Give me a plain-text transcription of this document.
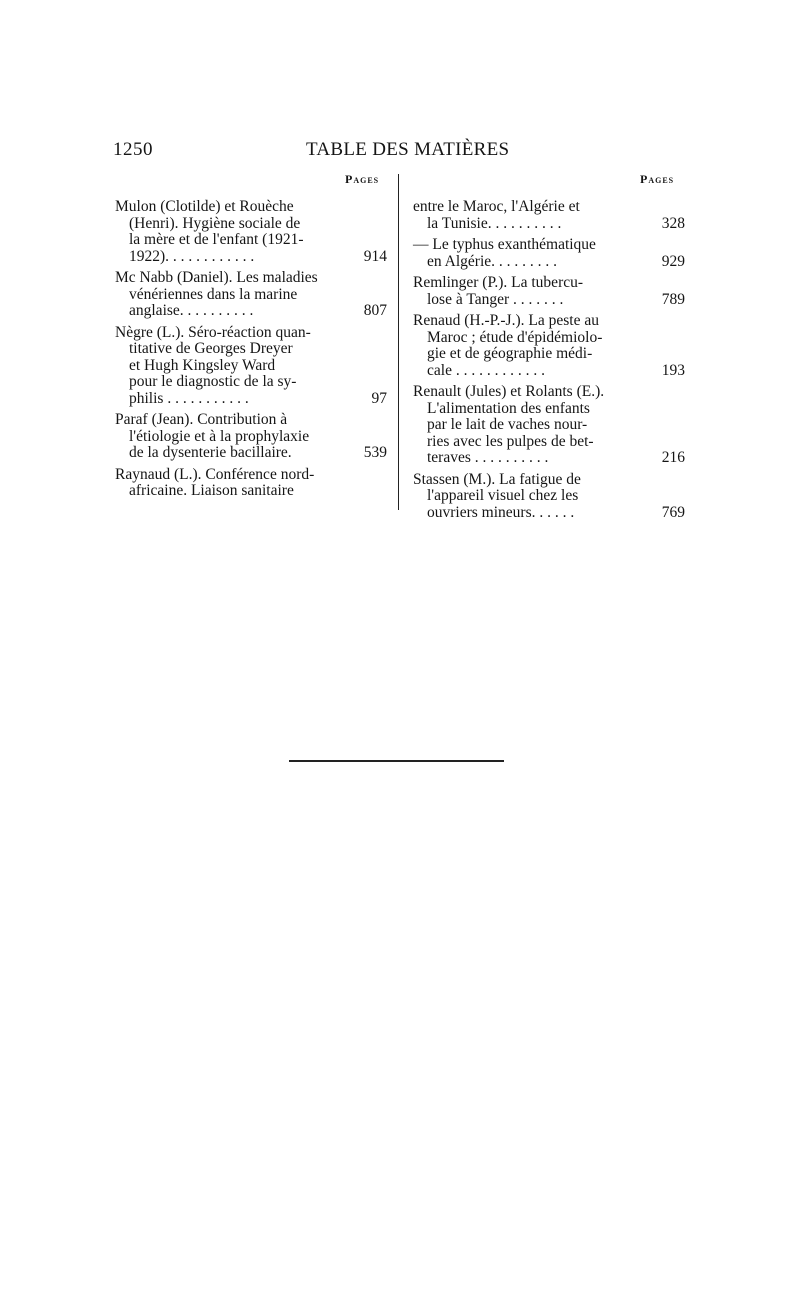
1250	TABLE DES MATIÈRES
Pages	Pages
Mulon (Clotilde) et Rouèche
(Henri). Hygiène sociale de
la mère et de l'enfant (1921-
1922). . . . . . . . . . . .	914
Mc Nabb (Daniel). Les maladies
vénériennes dans la marine
anglaise. . . . . . . . . .	807
Nègre (L.). Séro-réaction quan-
titative de Georges Dreyer
et Hugh Kingsley Ward
pour le diagnostic de la sy-
philis . . . . . . . . . . .	97
Paraf (Jean). Contribution à
l'étiologie et à la prophylaxie
de la dysenterie bacillaire.	539
Raynaud (L.). Conférence nord-
africaine. Liaison sanitaire
entre le Maroc, l'Algérie et
la Tunisie. . . . . . . . . .	328
— Le typhus exanthématique
en Algérie. . . . . . . . .	929
Remlinger (P.). La tubercu-
lose à Tanger . . . . . . .	789
Renaud (H.-P.-J.). La peste au
Maroc ; étude d'épidémiolo-
gie et de géographie médi-
cale . . . . . . . . . . . .	193
Renault (Jules) et Rolants (E.).
L'alimentation des enfants
par le lait de vaches nour-
ries avec les pulpes de bet-
teraves . . . . . . . . . .	216
Stassen (M.). La fatigue de
l'appareil visuel chez les
ouvriers mineurs. . . . . .	769
